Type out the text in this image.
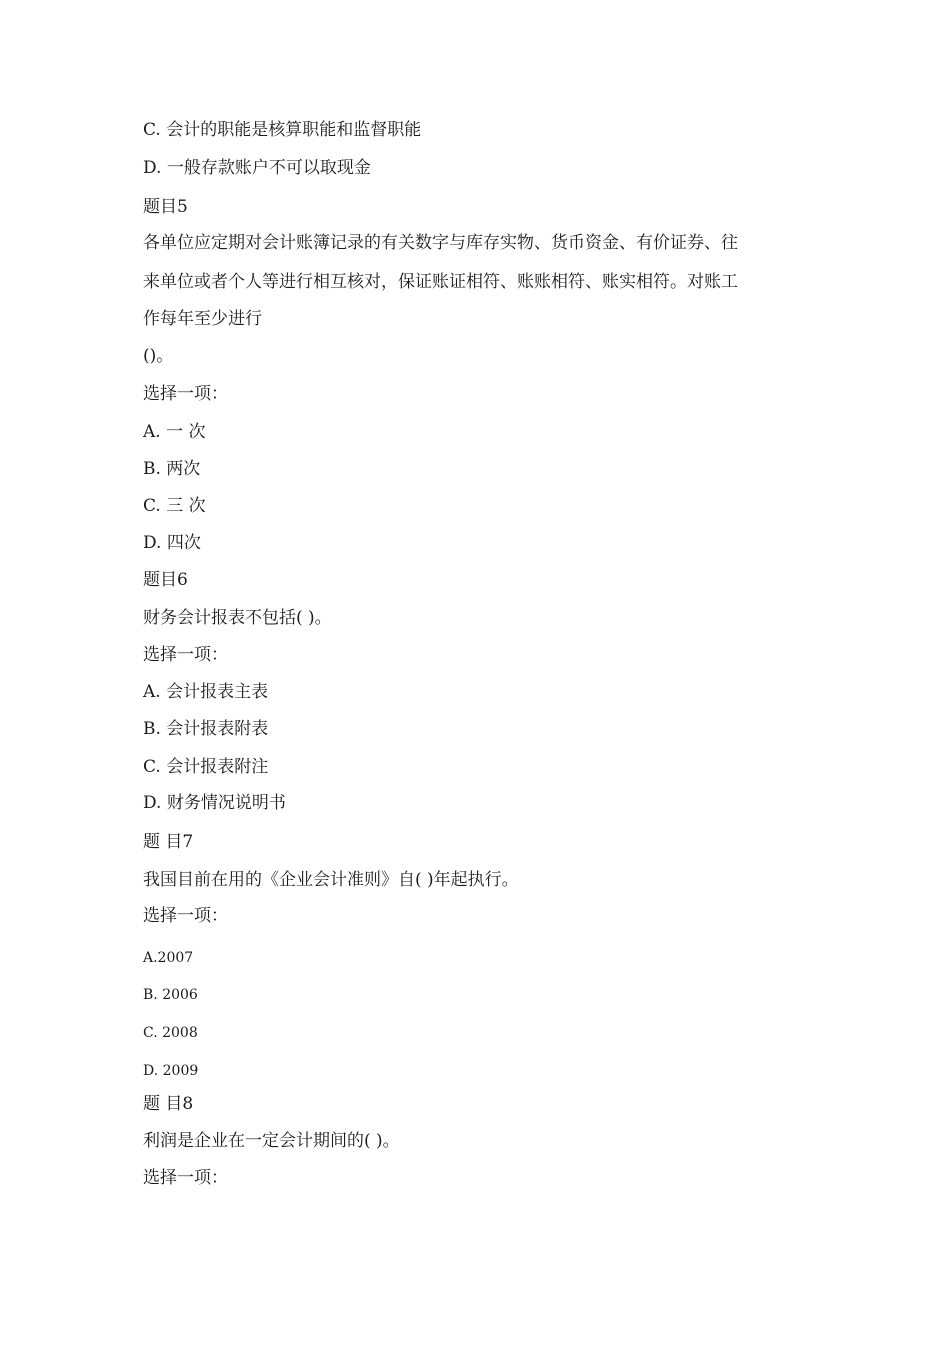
C. 会计的职能是核算职能和监督职能
D. 一般存款账户不可以取现金
题目5
各单位应定期对会计账簿记录的有关数字与库存实物、货币资金、有价证券、往
来单位或者个人等进行相互核对，保证账证相符、账账相符、账实相符。对账工
作每年至少进行
()。
选择一项：
A. 一 次
B. 两次
C. 三 次
D. 四次
题目6
财务会计报表不包括( )。
选择一项：
A. 会计报表主表
B. 会计报表附表
C. 会计报表附注
D. 财务情况说明书
题 目7
我国目前在用的《企业会计准则》自( )年起执行。
选择一项：
A.2007
B. 2006
C. 2008
D. 2009
题 目8
利润是企业在一定会计期间的( )。
选择一项：
